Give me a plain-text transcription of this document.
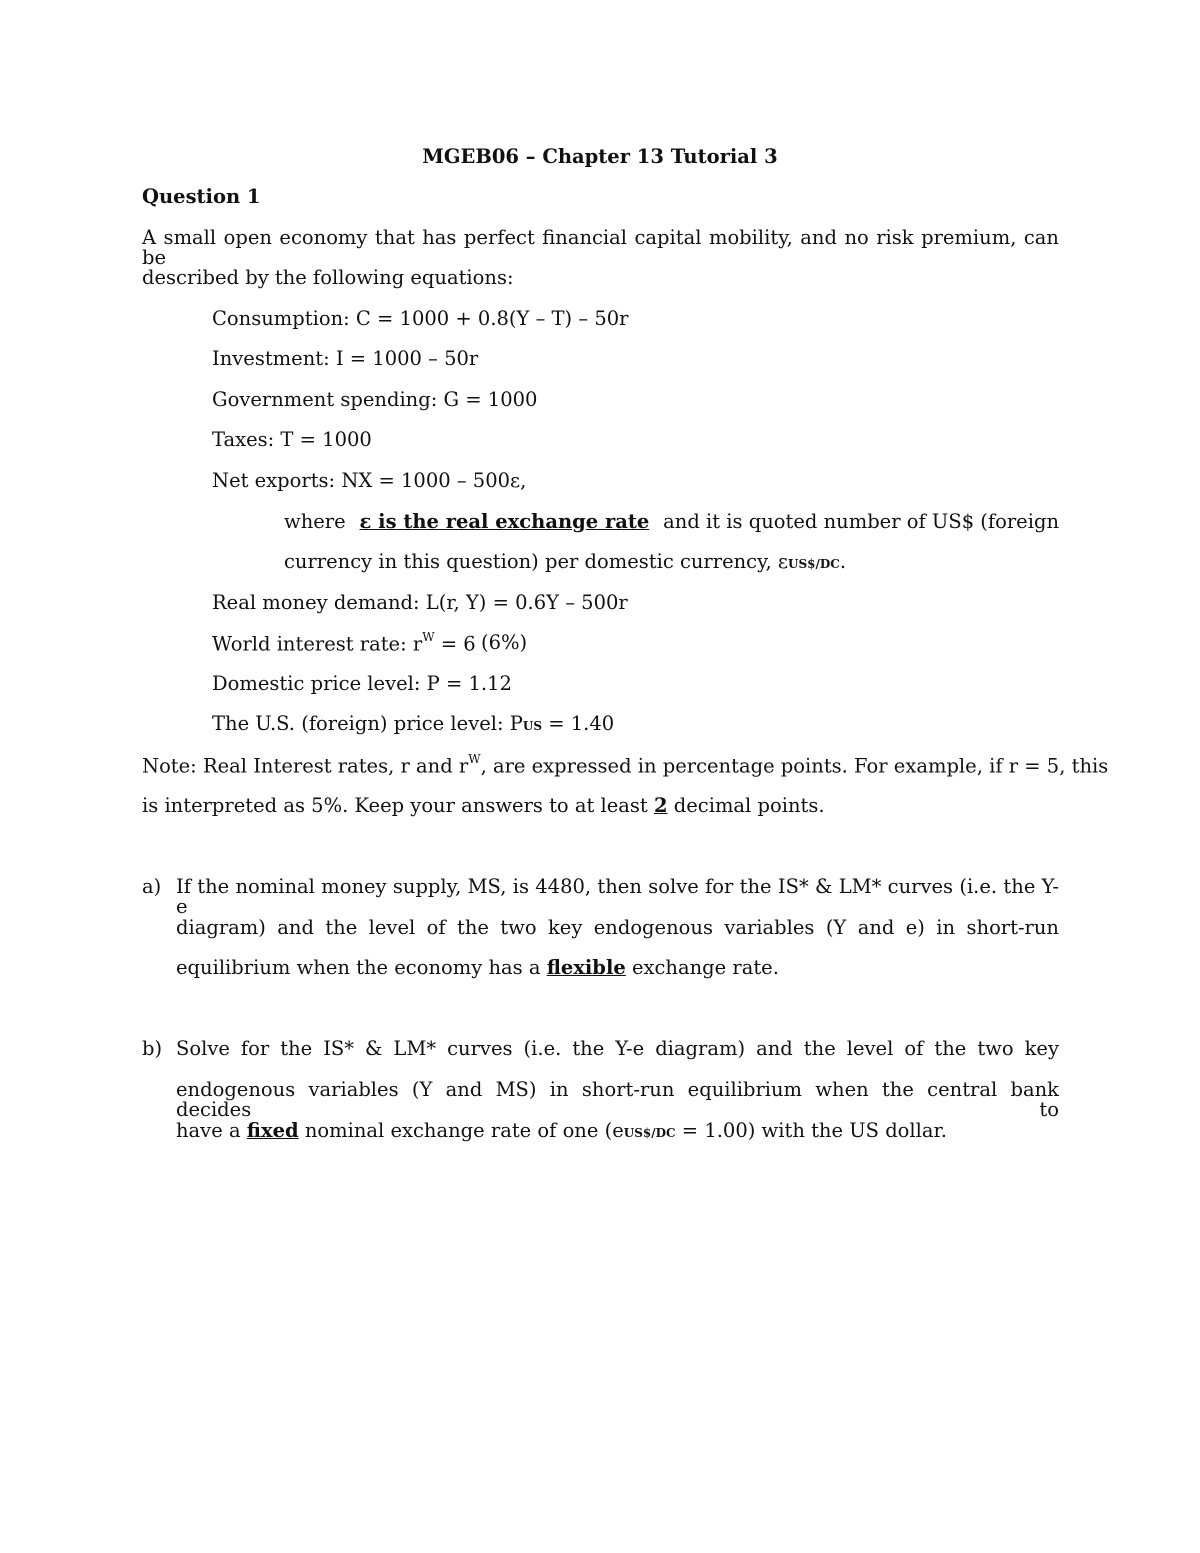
MGEB06 – Chapter 13 Tutorial 3
Question 1
A small open economy that has perfect financial capital mobility, and no risk premium, can be
described by the following equations:
Consumption: C = 1000 + 0.8(Y – T) – 50r
Investment: I = 1000 – 50r
Government spending: G = 1000
Taxes: T = 1000
Net exports: NX = 1000 – 500ε,
where ε is the real exchange rate and it is quoted number of US$ (foreign
currency in this question) per domestic currency, εUS$/DC.
Real money demand: L(r, Y) = 0.6Y – 500r
World interest rate: $r^W = 6$ (6%)
Domestic price level: P = 1.12
The U.S. (foreign) price level: PUS = 1.40
Note: Real Interest rates, r and $r^W$, are expressed in percentage points. For example, if r = 5, this
is interpreted as 5%. Keep your answers to at least 2 decimal points.
a) If the nominal money supply, MS, is 4480, then solve for the IS* & LM* curves (i.e. the Y-e
diagram) and the level of the two key endogenous variables (Y and e) in short-run
equilibrium when the economy has a flexible exchange rate.
b) Solve for the IS* & LM* curves (i.e. the Y-e diagram) and the level of the two key
endogenous variables (Y and MS) in short-run equilibrium when the central bank decides to
have a fixed nominal exchange rate of one (eUS$/DC = 1.00) with the US dollar.
